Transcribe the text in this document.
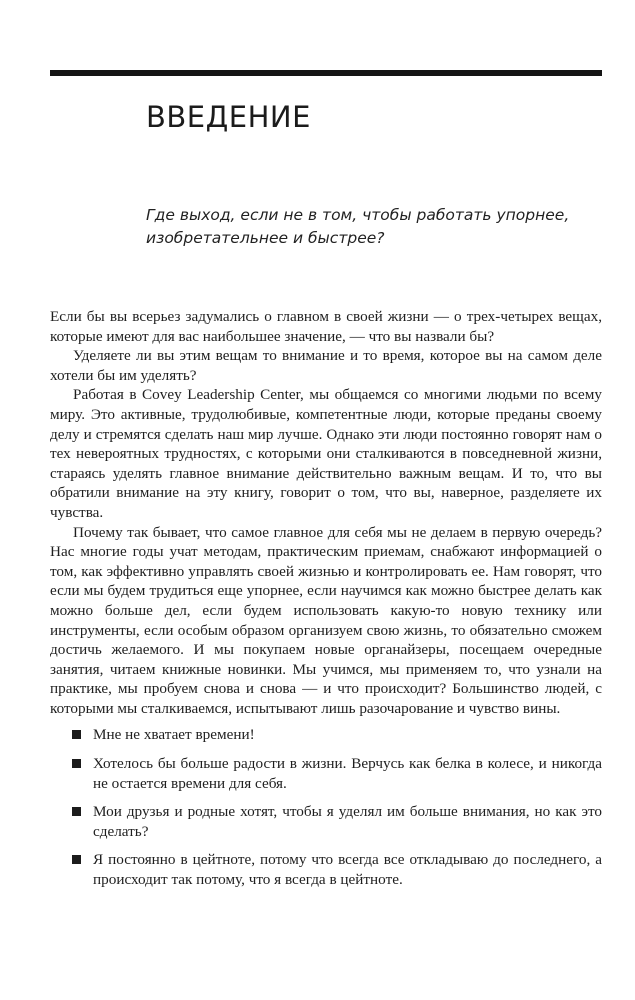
ВВЕДЕНИЕ

Где выход, если не в том, чтобы работать упорнее, изобретательнее и быстрее?

Если бы вы всерьез задумались о главном в своей жизни — о трех-четырех вещах, которые имеют для вас наибольшее значение, — что вы назвали бы?

Уделяете ли вы этим вещам то внимание и то время, которое вы на самом деле хотели бы им уделять?

Работая в Covey Leadership Center, мы общаемся со многими людьми по всему миру. Это активные, трудолюбивые, компетентные люди, которые преданы своему делу и стремятся сделать наш мир лучше. Однако эти люди постоянно говорят нам о тех невероятных трудностях, с которыми они сталкиваются в повседневной жизни, стараясь уделять главное внимание действительно важным вещам. И то, что вы обратили внимание на эту книгу, говорит о том, что вы, наверное, разделяете их чувства.

Почему так бывает, что самое главное для себя мы не делаем в первую очередь? Нас многие годы учат методам, практическим приемам, снабжают информацией о том, как эффективно управлять своей жизнью и контролировать ее. Нам говорят, что если мы будем трудиться еще упорнее, если научимся как можно быстрее делать как можно больше дел, если будем использовать какую-то новую технику или инструменты, если особым образом организуем свою жизнь, то обязательно сможем достичь желаемого. И мы покупаем новые органайзеры, посещаем очередные занятия, читаем книжные новинки. Мы учимся, мы применяем то, что узнали на практике, мы пробуем снова и снова — и что происходит? Большинство людей, с которыми мы сталкиваемся, испытывают лишь разочарование и чувство вины.

Мне не хватает времени!
Хотелось бы больше радости в жизни. Верчусь как белка в колесе, и никогда не остается времени для себя.
Мои друзья и родные хотят, чтобы я уделял им больше внимания, но как это сделать?
Я постоянно в цейтноте, потому что всегда все откладываю до последнего, а происходит так потому, что я всегда в цейтноте.
